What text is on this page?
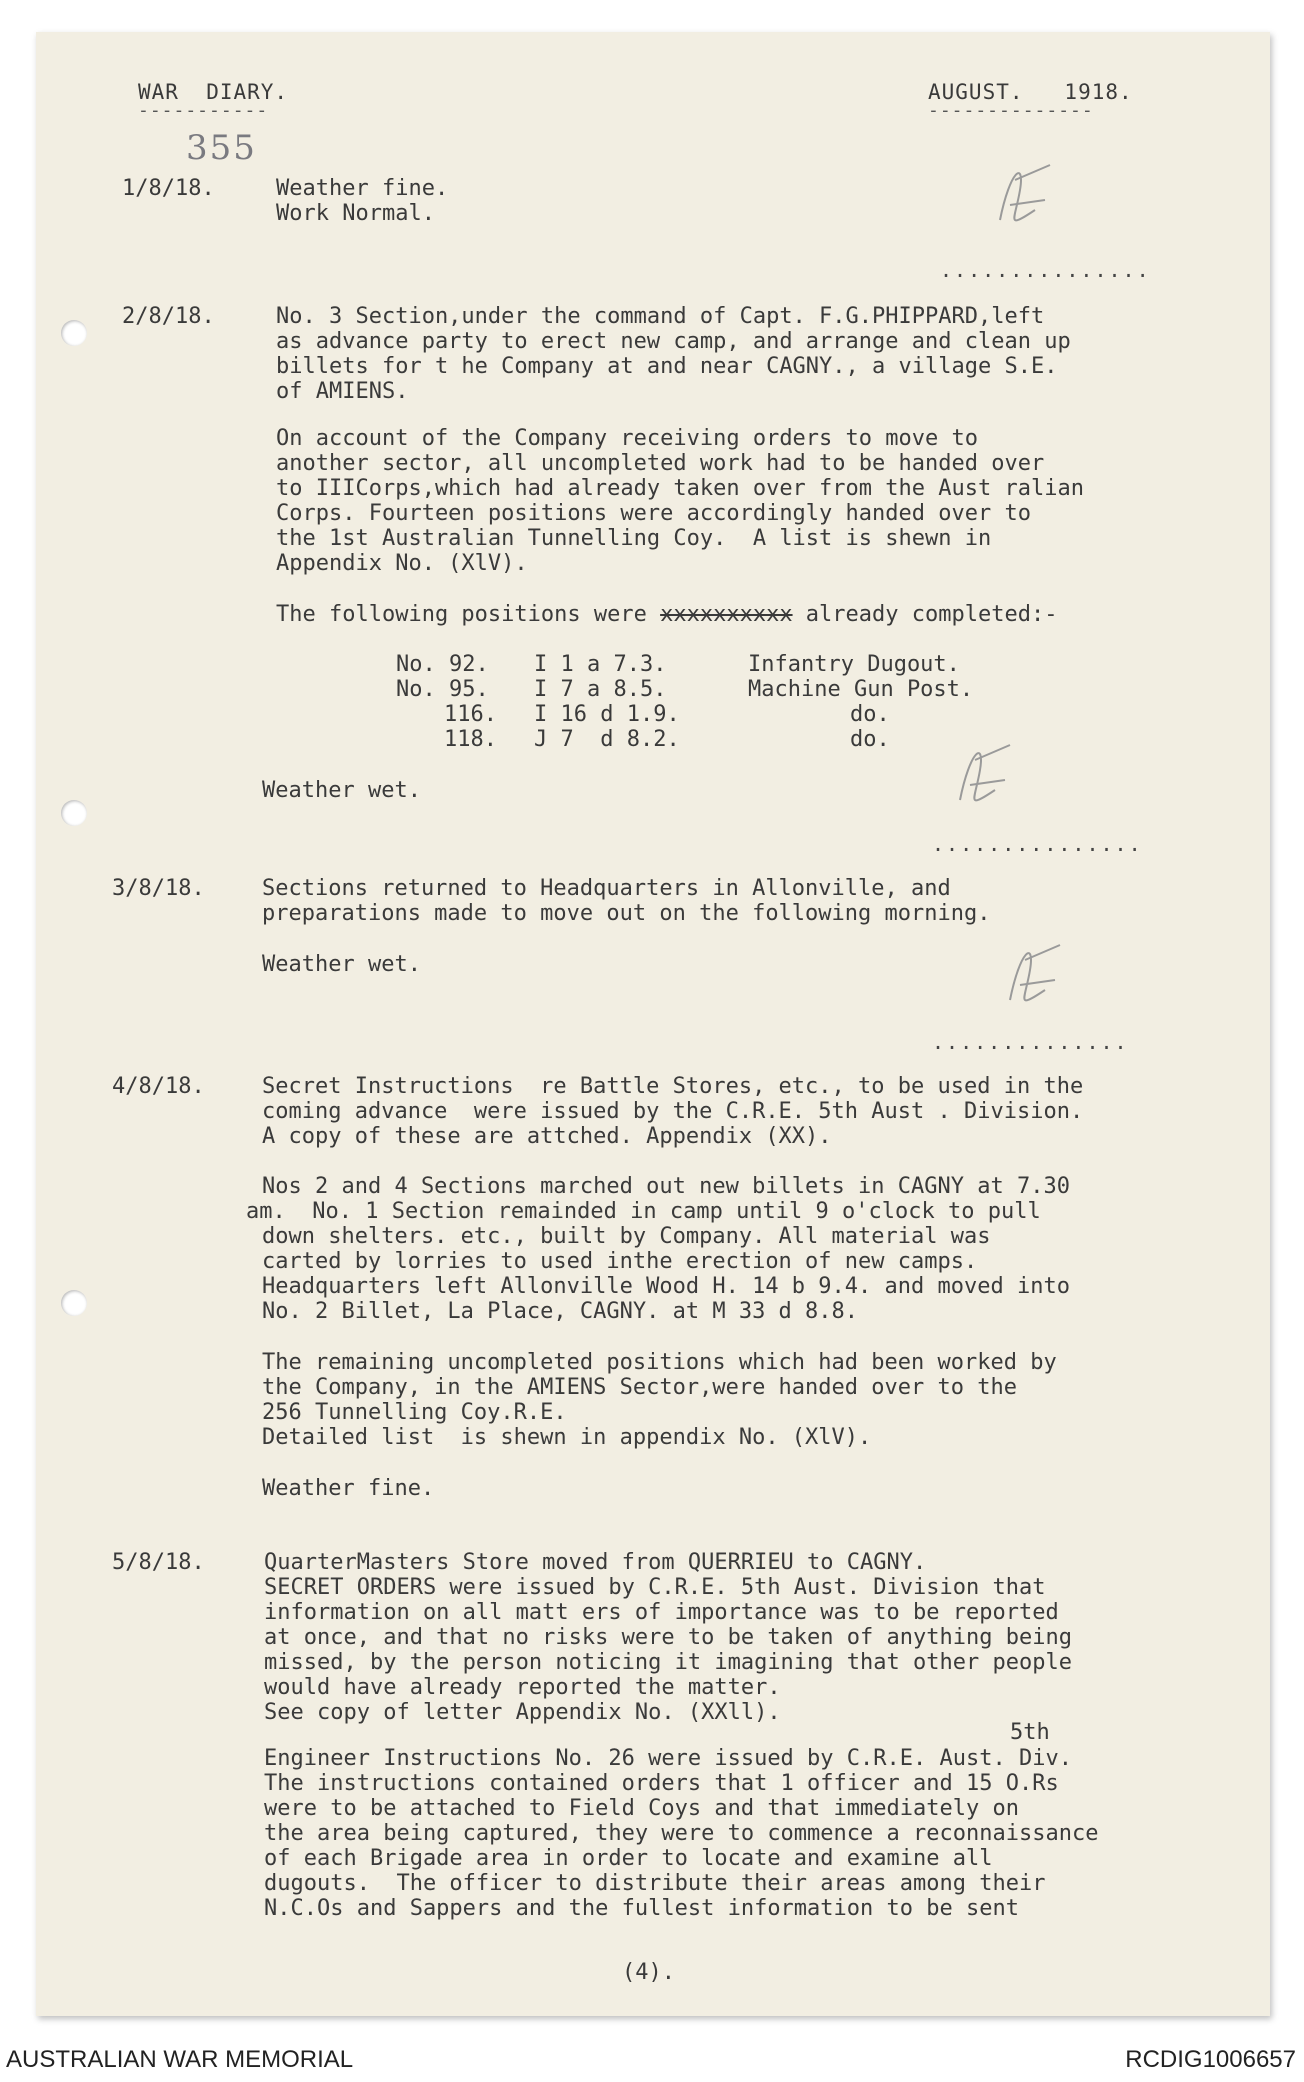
WAR  DIARY.
-----------
AUGUST.   1918.
--------------
355
1/8/18.	Weather fine.
Work Normal.
...............
2/8/18.	No. 3 Section,under the command of Capt. F.G.PHIPPARD,left
as advance party to erect new camp, and arrange and clean up
billets for t he Company at and near CAGNY., a village S.E.
of AMIENS.
On account of the Company receiving orders to move to
another sector, all uncompleted work had to be handed over
to IIICorps,which had already taken over from the Aust ralian
Corps. Fourteen positions were accordingly handed over to
the 1st Australian Tunnelling Coy.  A list is shewn in
Appendix No. (XlV).
The following positions were xxxxxxxxxx already completed:-
No. 92. I 1 a 7.3.	Infantry Dugout.
No. 95. I 7 a 8.5.	Machine Gun Post.
116. I 16 d 1.9.	do.
118. J 7  d 8.2.	do.
Weather wet.
...............
3/8/18.	Sections returned to Headquarters in Allonville, and
preparations made to move out on the following morning.
Weather wet.
..............
4/8/18.	Secret Instructions  re Battle Stores, etc., to be used in the
coming advance  were issued by the C.R.E. 5th Aust . Division.
A copy of these are attched. Appendix (XX).
Nos 2 and 4 Sections marched out new billets in CAGNY at 7.30
am.  No. 1 Section remainded in camp until 9 o'clock to pull
down shelters. etc., built by Company. All material was
carted by lorries to used inthe erection of new camps.
Headquarters left Allonville Wood H. 14 b 9.4. and moved into
No. 2 Billet, La Place, CAGNY. at M 33 d 8.8.
The remaining uncompleted positions which had been worked by
the Company, in the AMIENS Sector,were handed over to the
256 Tunnelling Coy.R.E.
Detailed list  is shewn in appendix No. (XlV).
Weather fine.
5/8/18.	QuarterMasters Store moved from QUERRIEU to CAGNY.
SECRET ORDERS were issued by C.R.E. 5th Aust. Division that
information on all matt ers of importance was to be reported
at once, and that no risks were to be taken of anything being
missed, by the person noticing it imagining that other people
would have already reported the matter.
See copy of letter Appendix No. (XXll).
5th
Engineer Instructions No. 26 were issued by C.R.E. Aust. Div.
The instructions contained orders that 1 officer and 15 O.Rs
were to be attached to Field Coys and that immediately on
the area being captured, they were to commence a reconnaissance
of each Brigade area in order to locate and examine all
dugouts.  The officer to distribute their areas among their
N.C.Os and Sappers and the fullest information to be sent
(4).
AUSTRALIAN WAR MEMORIAL	RCDIG1006657
